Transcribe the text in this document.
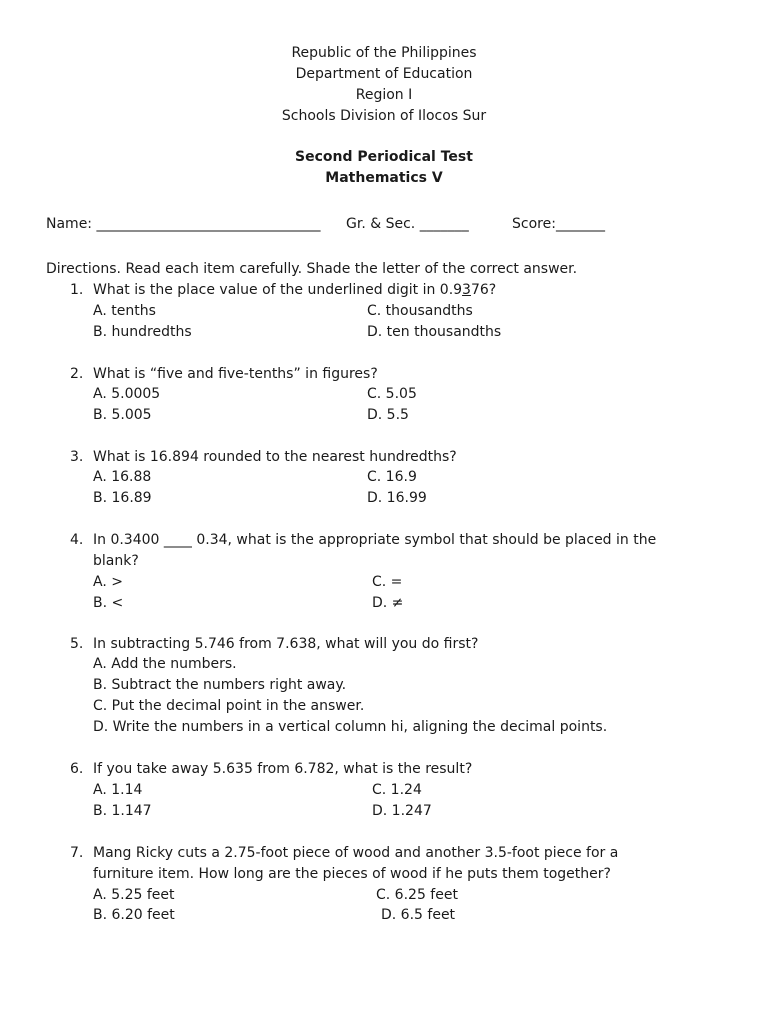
Republic of the Philippines
Department of Education
Region I
Schools Division of Ilocos Sur
Second Periodical Test
Mathematics V
Name: ________________________________ Gr. & Sec. _______	Score:_______
Directions. Read each item carefully. Shade the letter of the correct answer.
1. What is the place value of the underlined digit in 0.9376?
A. tenths	C. thousandths
B. hundredths	D. ten thousandths
2. What is “five and five-tenths” in figures?
A. 5.0005	C. 5.05
B. 5.005	D. 5.5
3. What is 16.894 rounded to the nearest hundredths?
A. 16.88	C. 16.9
B. 16.89	D. 16.99
4. In 0.3400 ____ 0.34, what is the appropriate symbol that should be placed in the
blank?
A. >	C. =
B. <	D. ≠
5. In subtracting 5.746 from 7.638, what will you do first?
A. Add the numbers.
B. Subtract the numbers right away.
C. Put the decimal point in the answer.
D. Write the numbers in a vertical column hi, aligning the decimal points.
6. If you take away 5.635 from 6.782, what is the result?
A. 1.14	C. 1.24
B. 1.147	D. 1.247
7. Mang Ricky cuts a 2.75-foot piece of wood and another 3.5-foot piece for a
furniture item. How long are the pieces of wood if he puts them together?
A. 5.25 feet	C. 6.25 feet
B. 6.20 feet	D. 6.5 feet
